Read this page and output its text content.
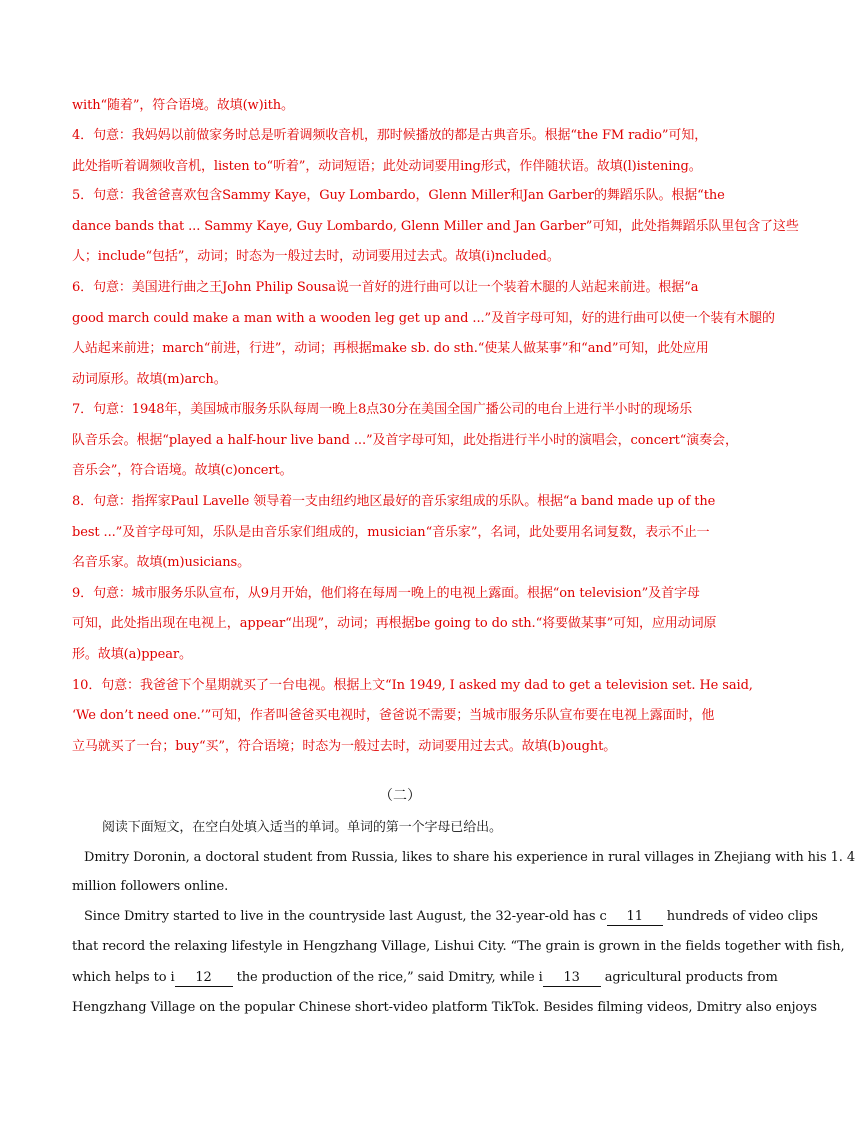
with“随着”，符合语境。故填(w)ith。
4．句意：我妈妈以前做家务时总是听着调频收音机，那时候播放的都是古典音乐。根据“the FM radio”可知，
此处指听着调频收音机，listen to“听着”，动词短语；此处动词要用ing形式，作伴随状语。故填(l)istening。
5．句意：我爸爸喜欢包含Sammy Kaye，Guy Lombardo，Glenn Miller和Jan Garber的舞蹈乐队。根据“the
dance bands that ... Sammy Kaye, Guy Lombardo, Glenn Miller and Jan Garber”可知，此处指舞蹈乐队里包含了这些
人；include“包括”，动词；时态为一般过去时，动词要用过去式。故填(i)ncluded。
6．句意：美国进行曲之王John Philip Sousa说一首好的进行曲可以让一个装着木腿的人站起来前进。根据“a
good march could make a man with a wooden leg get up and ...”及首字母可知，好的进行曲可以使一个装有木腿的
人站起来前进；march“前进，行进”，动词；再根据make sb. do sth.“使某人做某事”和“and”可知，此处应用
动词原形。故填(m)arch。
7．句意：1948年，美国城市服务乐队每周一晚上8点30分在美国全国广播公司的电台上进行半小时的现场乐
队音乐会。根据“played a half-hour live band ...”及首字母可知，此处指进行半小时的演唱会，concert“演奏会，
音乐会”，符合语境。故填(c)oncert。
8．句意：指挥家Paul Lavelle 领导着一支由纽约地区最好的音乐家组成的乐队。根据“a band made up of the
best ...”及首字母可知，乐队是由音乐家们组成的，musician“音乐家”，名词，此处要用名词复数，表示不止一
名音乐家。故填(m)usicians。
9．句意：城市服务乐队宣布，从9月开始，他们将在每周一晚上的电视上露面。根据“on television”及首字母
可知，此处指出现在电视上，appear“出现”，动词；再根据be going to do sth.“将要做某事”可知，应用动词原
形。故填(a)ppear。
10．句意：我爸爸下个星期就买了一台电视。根据上文“In 1949, I asked my dad to get a television set. He said,
‘We don’t need one.’”可知，作者叫爸爸买电视时，爸爸说不需要；当城市服务乐队宣布要在电视上露面时，他
立马就买了一台；buy“买”，符合语境；时态为一般过去时，动词要用过去式。故填(b)ought。
（二）
阅读下面短文，在空白处填入适当的单词。单词的第一个字母已给出。
Dmitry Doronin, a doctoral student from Russia, likes to share his experience in rural villages in Zhejiang with his 1. 4
million followers online.
Since Dmitry started to live in the countryside last August, the 32-year-old has c 11 hundreds of video clips
that record the relaxing lifestyle in Hengzhang Village, Lishui City. “The grain is grown in the fields together with fish,
which helps to i 12 the production of the rice,” said Dmitry, while i 13 agricultural products from
Hengzhang Village on the popular Chinese short-video platform TikTok. Besides filming videos, Dmitry also enjoys
